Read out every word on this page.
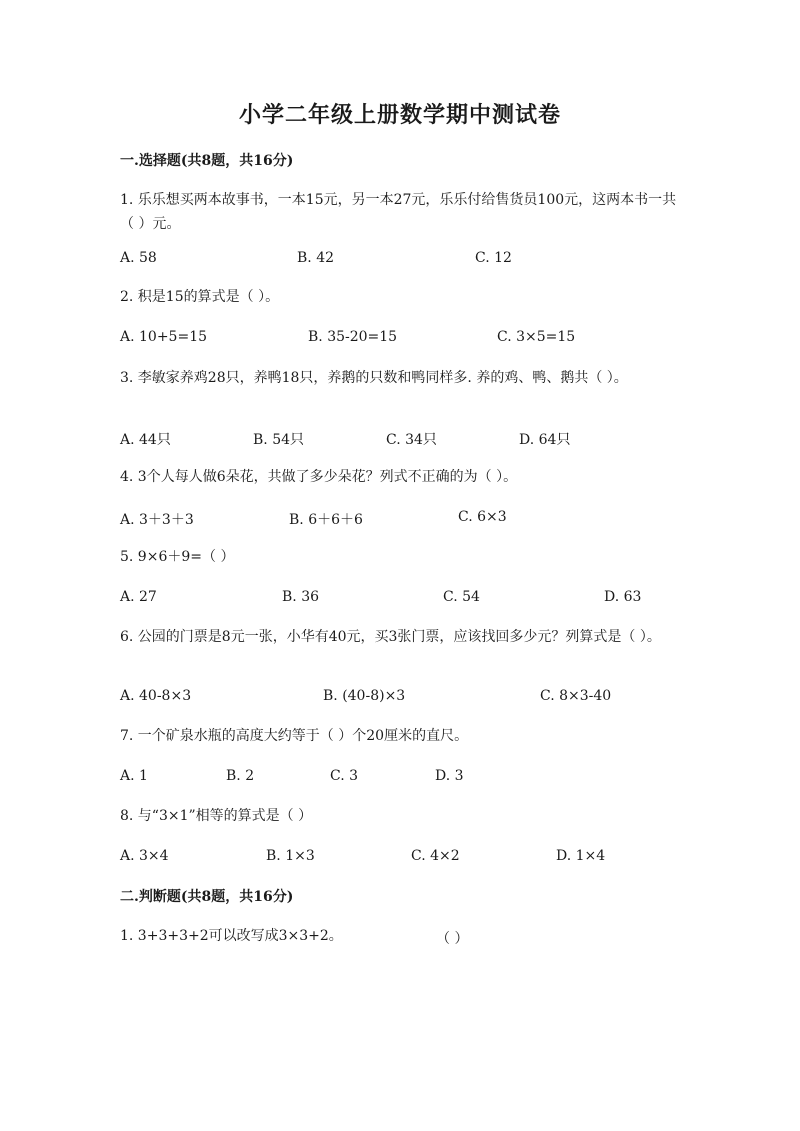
小学二年级上册数学期中测试卷
一.选择题(共8题，共16分)
1. 乐乐想买两本故事书，一本15元，另一本27元，乐乐付给售货员100元，这两本书一共（ ）元。
A. 58	B. 42	C. 12
2. 积是15的算式是（ ）。
A. 10+5=15	B. 35-20=15	C. 3×5=15
3. 李敏家养鸡28只，养鸭18只，养鹅的只数和鸭同样多. 养的鸡、鸭、鹅共（ ）。
A. 44只	B. 54只	C. 34只	D. 64只
4. 3个人每人做6朵花，共做了多少朵花？列式不正确的为（ ）。
A. 3＋3＋3	B. 6＋6＋6	C. 6×3
5. 9×6＋9=（ ）
A. 27	B. 36	C. 54	D. 63
6. 公园的门票是8元一张，小华有40元，买3张门票，应该找回多少元？列算式是（ ）。
A. 40-8×3	B. (40-8)×3	C. 8×3-40
7. 一个矿泉水瓶的高度大约等于（ ）个20厘米的直尺。
A. 1	B. 2	C. 3	D. 3
8. 与“3×1”相等的算式是（ ）
A. 3×4	B. 1×3	C. 4×2	D. 1×4
二.判断题(共8题，共16分)
1. 3+3+3+2可以改写成3×3+2。	（ ）
